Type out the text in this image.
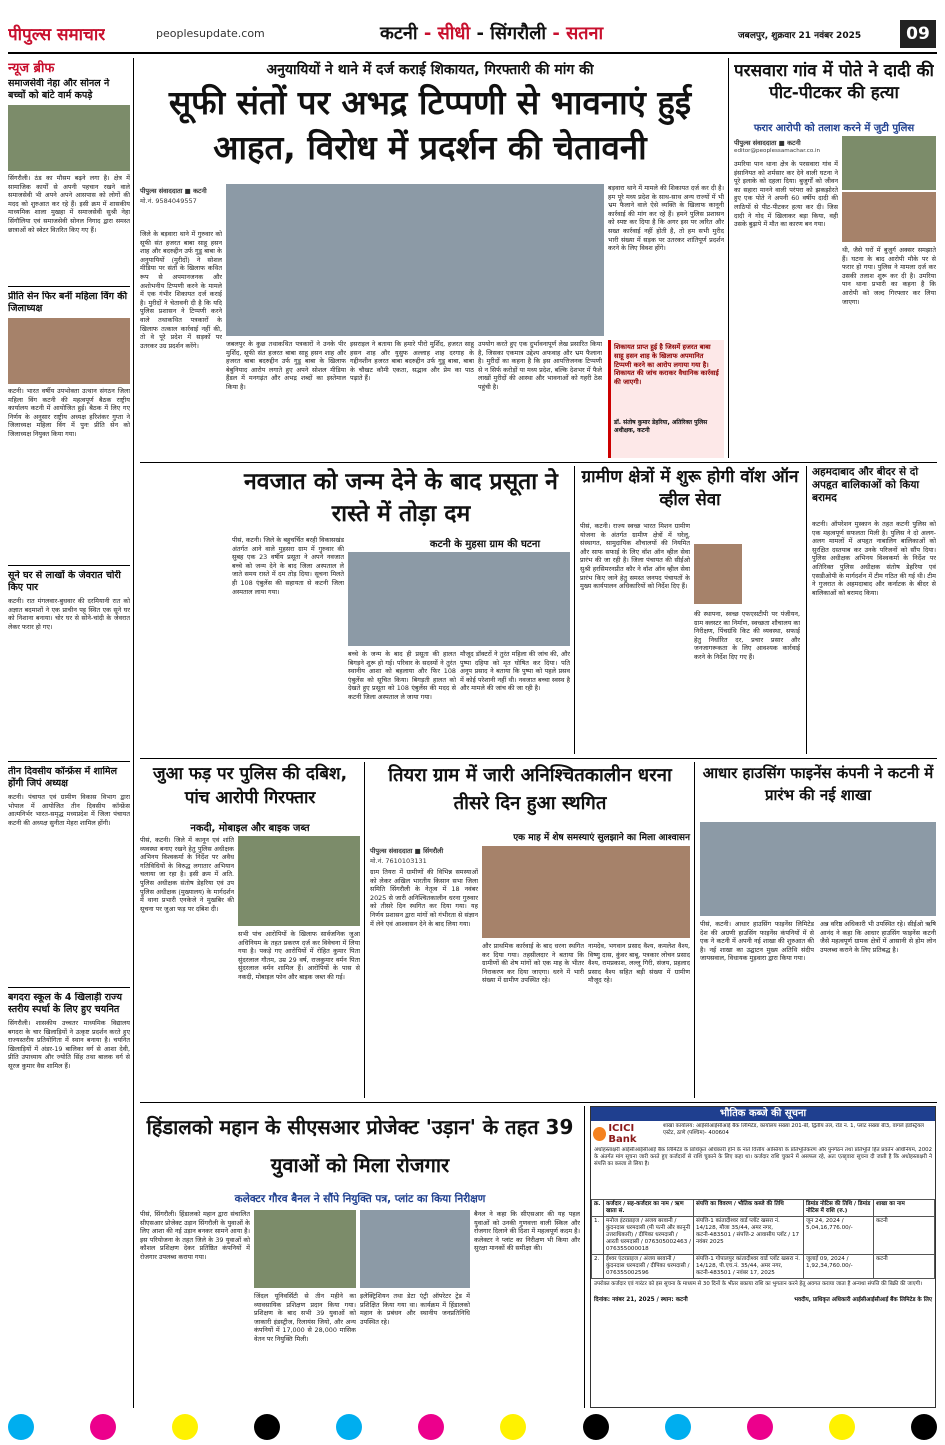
पीपुल्स समाचार	peoplesupdate.com	कटनी - सीधी - सिंगरौली - सतना	जबलपुर, शुक्रवार 21 नवंबर 2025	09
न्यूज ब्रीफ
समाजसेवी नेहा और सोनल ने बच्चों को बांटे वार्म कपड़े
सिंगरौली। ठंड का मौसम बढ़ने लगा है। क्षेत्र में सामाजिक कार्यों से अपनी पहचान रखने वाले समाजसेवी भी अपने अपने आसपास को लोगों की मदद को शुरुआत कर रहे हैं। इसी क्रम में शासकीय माध्यमिक शाला मुखहा में समाजसेवी सुश्री नेहा सिंगौलिया एवं समाजसेवी सोनल निगाद द्वारा समस्त छात्राओं को स्वेटर वितरित किए गए हैं।
प्रीति सेन फिर बनीं महिला विंग की जिलाध्यक्ष
कटनी। भारत वर्षीय उपभोक्ता उत्थान संगठन जिला महिला विंग कटनी की महत्वपूर्ण बैठक राष्ट्रीय कार्यालय कटनी में आयोजित हुई। बैठक में लिए गए निर्णय के अनुसार राष्ट्रीय अध्यक्ष हरिशंकर गुप्ता ने जिलाध्यक्ष महिला विंग में पुनः प्रीति सेन को जिलाध्यक्ष नियुक्त किया गया।
सूने घर से लाखों के जेवरात चोरी किए पार
कटनी। रात मंगलवार-बुधवार की दरमियानी रात को अज्ञात बदमाशों ने एक प्राचीन पट्ट स्थित एक सूने घर को निशाना बनाया। चोर घर से सोने-चांदी के जेवरात लेकर फरार हो गए।
तीन दिवसीय कॉन्फ्रेंस में शामिल होंगी जिपं अध्यक्ष
कटनी। पंचायत एवं ग्रामीण विकास विभाग द्वारा भोपाल में आयोजित तीन दिवसीय कॉन्फ्रेंस आत्मनिर्भर भारत-समृद्ध मध्यप्रदेश में जिला पंचायत कटनी की अध्यक्ष सुनीता मेहरा शामिल होंगी।
बगदरा स्कूल के 4 खिलाड़ी राज्य स्तरीय स्पर्धा के लिए हुए चयनित
सिंगरौली। शासकीय उच्चतर माध्यमिक विद्यालय बगदरा के चार खिलाड़ियों ने उत्कृष्ट प्रदर्शन करते हुए राज्यस्तरीय प्रतियोगिता में स्थान बनाया है। चयनित खिलाड़ियों में अंडर-19 बालिका वर्ग से आशा देवी, प्रीति उपाध्याय और ज्योति सिंह तथा बालक वर्ग से सूरज कुमार वैस शामिल हैं।
अनुयायियों ने थाने में दर्ज कराई शिकायत, गिरफ्तारी की मांग की
सूफी संतों पर अभद्र टिप्पणी से भावनाएं हुई आहत, विरोध में प्रदर्शन की चेतावनी
पीपुल्स संवाददाता ■ कटनी
मो.नं. 9584049557
जिले के बड़वारा थाने में गुरुवार को सूफी संत हजरत बाबा साहू हसन शाह और बदरुद्दीन उर्फ गुडू बाबा के अनुयायियों (मुरीदों) ने सोशल मीडिया पर संतों के खिलाफ कथित रूप से अपमानजनक और अशोभनीय टिप्पणी करने के मामले में एक गंभीर शिकायत दर्ज कराई है। मुरीदों ने चेतावनी दी है कि यदि पुलिस प्रशासन ने टिप्पणी करने वाले तथाकथित पत्रकारों के खिलाफ तत्काल कार्रवाई नहीं की, तो वे पूरे प्रदेश में सड़कों पर उतरकर उग्र प्रदर्शन करेंगे।	जबलपुर के कुछ तथाकथित पत्रकारों ने उनके पीर मुर्शिद, सूफी संत हजरत बाबा साहू हसन शाह और हजरत बाबा बदरुद्दीन उर्फ गुडू बाबा के खिलाफ बेबुनियाद आरोप लगाते हुए अपने सोशल मीडिया हैंडल में मनगढ़ंत और अभद्र शब्दों का इस्तेमाल किया है।
इसराइल ने बताया कि हमारे पीरो मुर्शिद, हजरत साहू हसन शाह और युसुफ अल्लाह शाह दरगाह के गद्दीनशीन हजरत बाबा बदरुद्दीन उर्फ गुडू बाबा, बाबा के चौखट कौमी एकता, सद्भाव और प्रेम का पाठ पढ़ाते हैं।
उपयोग करते हुए एक दुर्भावनापूर्ण लेख प्रसारित किया है, जिसका एकमात्र उद्देश्य अफवाह और भ्रम फैलाना है। मुरीदों का कहना है कि इस आपत्तिजनक टिप्पणी से न सिर्फ करोड़ों या मध्य प्रदेश, बल्कि देशभर में फैले लाखों मुरीदों की आस्था और भावनाओं को गहरी ठेस पहुंची है।
बड़वारा थाने में मामले की शिकायत दर्ज कर दी है। हम पूरे मध्य प्रदेश के साथ-साथ अन्य राज्यों में भी भ्रम फैलाने वाले ऐसे व्यक्ति के खिलाफ कानूनी कार्रवाई की मांग कर रहे हैं। हमने पुलिस प्रशासन को स्पष्ट कर दिया है कि अगर इस पर त्वरित और सख्त कार्रवाई नहीं होती है, तो हम सभी मुरीद भारी संख्या में सड़क पर उतरकर शांतिपूर्ण प्रदर्शन करने के लिए विवश होंगे।
शिकायत प्राप्त हुई है जिसमें हजरत बाबा साहू हसन शाह के खिलाफ अपमानित टिप्पणी करने का आरोप लगाया गया है। शिकायत की जांच कराकर वैधानिक कार्रवाई की जाएगी।
डॉ. संतोष कुमार डेहरिया, अतिरिक्त पुलिस अधीक्षक, कटनी
परसवारा गांव में पोते ने दादी की पीट-पीटकर की हत्या
फरार आरोपी को तलाश करने में जुटी पुलिस
पीपुल्स संवाददाता ■ कटनी
editor@peoplessamachar.co.in
उमरिया पान थाना क्षेत्र के परसवारा गांव में इंसानियत को शर्मसार कर देने वाली घटना ने पूरे इलाके को दहला दिया। बुजुर्गों को जीवन का सहारा मानने वाली परंपरा को झकझोरते हुए एक पोते ने अपनी 60 वर्षीय दादी की लाठियों से पीट-पीटकर हत्या कर दी। जिस दादी ने गोद में खिलाकर बड़ा किया, वही उसके बुढ़ापे में मौत का कारण बन गया।
थी, जैसे घरों में बुजुर्ग अक्सर समझाते हैं। घटना के बाद आरोपी मौके पर से फरार हो गया। पुलिस ने मामला दर्ज कर उसकी तलाश शुरू कर दी है। उमरिया पान थाना प्रभारी का कहना है कि आरोपी को जल्द गिरफ्तार कर लिया जाएगा।
नवजात को जन्म देने के बाद प्रसूता ने रास्ते में तोड़ा दम
कटनी के मुहसा ग्राम की घटना
पीसं, कटनी। जिले के बहुचर्चित बरही विकासखंड अंतर्गत आने वाले मुहसरा ग्राम में गुरुवार की सुबह एक 23 वर्षीय प्रसूता ने अपने नवजात बच्चे को जन्म देने के बाद जिला अस्पताल ले जाते समय रास्ते में दम तोड़ दिया। सूचना मिलते ही 108 एंबुलेंस की सहायता से कटनी जिला अस्पताल लाया गया।
बच्चे के जन्म के बाद ही प्रसूता की हालत बिगड़ने शुरू हो गई। परिवार के सदस्यों ने तुरंत स्थानीय आशा को बहलाया और फिर 108 एंबुलेंस को सूचित किया। बिगड़ती हालत को देखते हुए प्रसूता को 108 एंबुलेंस की मदद से कटनी जिला अस्पताल ले जाया गया।
मौजूद डॉक्टरों ने तुरंत महिला की जांच की, और पुष्पा दहिया को मृत घोषित कर दिया। पति अनूप प्रसाद ने बताया कि पुष्पा को पहले प्रसव में कोई परेशानी नहीं थी। नवजात बच्चा स्वस्थ है और मामले की जांच की जा रही है।
ग्रामीण क्षेत्रों में शुरू होगी वॉश ऑन व्हील सेवा
पीसं, कटनी। राज्य स्वच्छ भारत मिशन ग्रामीण योजना के अंतर्गत ग्रामीण क्षेत्रों में घरेलू, संस्थागत, सामुदायिक शौचालयों की नियमित और साफ सफाई के लिए वॉश ऑन व्हील सेवा प्रारंभ की जा रही है। जिला पंचायत की सीईओ सुश्री हरसिमरनप्रीत कौर ने वॉश ऑन व्हील सेवा प्रारंभ किए जाने हेतु समस्त जनपद पंचायतों के मुख्य कार्यपालन अधिकारियों को निर्देश दिए हैं।
की स्थापना, स्वच्छ एफएसटीपी पर पंजीयन, ग्राम क्लस्टर का निर्माण, स्वच्छता शौचालय का निरीक्षण, पिंचग्रंथि किट की व्यवस्था, सफाई हेतु निर्धारित दर, प्रचार प्रसार और जनजागरूकता के लिए आवश्यक कार्रवाई करने के निर्देश दिए गए हैं।
अहमदाबाद और बीदर से दो अपहृत बालिकाओं को किया बरामद
कटनी। ऑपरेशन मुस्कान के तहत कटनी पुलिस को एक महत्वपूर्ण सफलता मिली है। पुलिस ने दो अलग-अलग मामलों में अपहृत नाबालिग बालिकाओं को सुरक्षित दस्तयाब कर उनके परिजनों को सौंप दिया। पुलिस अधीक्षक अभिनय विश्वकर्मा के निर्देश पर अतिरिक्त पुलिस अधीक्षक संतोष डेहरिया एवं एसडीओपी के मार्गदर्शन में टीम गठित की गई थी। टीम ने गुजरात के अहमदाबाद और कर्नाटक के बीदर से बालिकाओं को बरामद किया।
जुआ फड़ पर पुलिस की दबिश, पांच आरोपी गिरफ्तार
नकदी, मोबाइल और बाइक जब्त
पीसं, कटनी। जिले में कानून एवं शांति व्यवस्था बनाए रखने हेतु पुलिस अधीक्षक अभिनय विश्वकर्मा के निर्देश पर अवैध गतिविधियों के विरुद्ध लगातार अभियान चलाया जा रहा है। इसी क्रम में अति. पुलिस अधीक्षक संतोष डेहरिया एवं उप पुलिस अधीक्षक (मुख्यालय) के मार्गदर्शन में थाना प्रभारी एनकेजे ने मुखबिर की सूचना पर जुआ फड़ पर दबिश दी।
सभी पांच आरोपियों के खिलाफ सार्वजनिक जुआ अधिनियम के तहत प्रकरण दर्ज कर विवेचना में लिया गया है। पकड़े गए आरोपियों में रोहित कुमार पिता सुंदरलाल गौतम, उम्र 29 वर्ष, राजकुमार वर्मन पिता सुंदरलाल वर्मन शामिल हैं। आरोपियों के पास से नकदी, मोबाइल फोन और बाइक जब्त की गई।
तियरा ग्राम में जारी अनिश्चितकालीन धरना तीसरे दिन हुआ स्थगित
एक माह में शेष समस्याएं सुलझाने का मिला आश्वासन
पीपुल्स संवाददाता ■ सिंगरौली
मो.नं. 7610103131
ग्राम तियरा में ग्रामीणों की विभिन्न समस्याओं को लेकर अखिल भारतीय किसान सभा जिला समिति सिंगरौली के नेतृत्व में 18 नवंबर 2025 से जारी अनिश्चितकालीन धरना गुरुवार को तीसरे दिन स्थगित कर दिया गया। यह निर्णय प्रशासन द्वारा मांगों को गंभीरता से संज्ञान में लेने एवं आश्वासन देने के बाद लिया गया।
और प्राथमिक कार्रवाई के बाद धरना स्थगित कर दिया गया। तहसीलदार ने बताया कि ग्रामीणों की शेष मांगों को एक माह के भीतर निराकरण कर दिया जाएगा। धरने में भारी संख्या में ग्रामीण उपस्थित रहे।
नामदेव, भगवान प्रसाद वैश्य, कमलेश वैश्य, विष्णु दास, कुंवर बाबू, पत्रकार लोचन प्रसाद वैश्य, रामप्रकाश, लल्लू गिरी, संजय, प्रहलाद प्रसाद वैश्य सहित बड़ी संख्या में ग्रामीण मौजूद रहे।
आधार हाउसिंग फाइनेंस कंपनी ने कटनी में प्रारंभ की नई शाखा
पीसं, कटनी। आधार हाउसिंग फाइनेंस लिमिटेड देश की अग्रणी हाउसिंग फाइनेंस कंपनियों में से एक ने कटनी में अपनी नई शाखा की शुरुआत की है। नई शाखा का उद्घाटन मुख्य अतिथि संदीप जायसवाल, विधायक मुड़वारा द्वारा किया गया।
अन्न वरिष्ठ अधिकारी भी उपस्थित रहे। सीईओ ऋषि आनंद ने कहा कि आधार हाउसिंग फाइनेंस कटनी जैसे महत्वपूर्ण ग्रामक क्षेत्रों में आसानी से होम लोन उपलब्ध कराने के लिए प्रतिबद्ध है।
हिंडालको महान के सीएसआर प्रोजेक्ट 'उड़ान' के तहत 39 युवाओं को मिला रोजगार
कलेक्टर गौरव बैनल ने सौंपे नियुक्ति पत्र, प्लांट का किया निरीक्षण
पीसं, सिंगरौली। हिंडालको महान द्वारा संचालित सीएसआर प्रोजेक्ट उड़ान सिंगरौली के युवाओं के लिए आशा की नई उड़ान बनकर सामने आया है। इस परियोजना के तहत जिले के 39 युवाओं को कौशल प्रशिक्षण देकर प्रतिष्ठित कंपनियों में रोजगार उपलब्ध कराया गया।
जिंदल यूनिवर्सिटी से तीन महीने का व्यावसायिक प्रशिक्षण प्रदान किया गया। प्रशिक्षण के बाद सभी 39 युवाओं को जाकारी इंडस्ट्रीज, रिलायंस जियो, और अन्य कंपनियों में 17,000 से 28,000 मासिक वेतन पर नियुक्ति मिली।
इलेक्ट्रिशियन तथा डेटा एंट्री ऑपरेटर ट्रेड में प्रशिक्षित किया गया था। कार्यक्रम में हिंडालको महान के प्रबंधन और स्थानीय जनप्रतिनिधि उपस्थित रहे।
बैनल ने कहा कि सीएसआर की यह पहल युवाओं को उनकी गुणवत्ता वाली स्किल और रोजगार दिलाने की दिशा में महत्वपूर्ण कदम है। कलेक्टर ने प्लांट का निरीक्षण भी किया और सुरक्षा मानकों की समीक्षा की।
भौतिक कब्जे की सूचना
ICICI Bank
शाखा कार्यालय: आईसीआईसीआई बैंक लिमिटेड, कार्यालय संख्या 201-बी, द्वितीय तल, रोड नं. 1, प्लांट संख्या बी3, वागले इंडस्ट्रियल एस्टेट, ठाणे (पश्चिम)- 400604
अधोहस्ताक्षरी आईसीआईसीआई बैंक लिमिटेड के प्राधिकृत अधिकारी होने के नाते वित्तीय आस्तियों के प्रतिभूतिकरण और पुनर्गठन तथा प्रतिभूति हित प्रवर्तन अधिनियम, 2002 के अंतर्गत मांग सूचना जारी करते हुए कर्जदारों से राशि चुकाने के लिए कहा था। कर्जदार राशि चुकाने में असफल रहे, अतः एतद्द्वारा सूचना दी जाती है कि अधोहस्ताक्षरी ने संपत्ति का कब्जा ले लिया है।
क्र.	कर्जदार / सह-कर्जदार का नाम / ऋण खाता सं.	संपत्ति का विवरण / भौतिक कब्जे की तिथि	डिमांड नोटिस की तिथि / डिमांड नोटिस में राशि (रु.)	शाखा का नाम
1.	मनोज इंटरप्राइज / अजय बरवानी / कुंदनदास धरमदासी (मी पत्नी और कानूनी उत्तराधिकारी) / दीपिका धरमदासी / आरती धरमदासी / 076305002463 / 076355000018	संपत्ति-1 कांतादीश्वर वार्ड प्लॉट खसरा नं. 14/128, मौजा 35/44, अमर नगर, कटनी-483501 / संपत्ति-2 आवासीय प्लॉट / 17 नवंबर 2025	जून 24, 2024 / 5,04,16,776.00/-	कटनी
2.	ईश्वर एंटरप्राइज / अंजय बरवानी / कुंदनदास धरमदासी / दीपिका धरमदासी / 076355002596	संपत्ति-1 गोपालपुर कांतादीश्वर वार्ड प्लॉट खसरा नं. 14/128, पी.एच.नं. 35/44, अमर नगर, कटनी-483501 / नवंबर 17, 2025	जुलाई 09, 2024 / 1,92,34,760.00/-	कटनी
उपरोक्त कर्जदार एवं गारंटर को इस सूचना के माध्यम से 30 दिनों के भीतर बकाया राशि का भुगतान करने हेतु अवगत कराया जाता है अन्यथा संपत्ति की बिक्री की जाएगी।
दिनांक: नवंबर 21, 2025 / स्थान: कटनी	भवदीय, प्राधिकृत अधिकारी आईसीआईसीआई बैंक लिमिटेड के लिए
